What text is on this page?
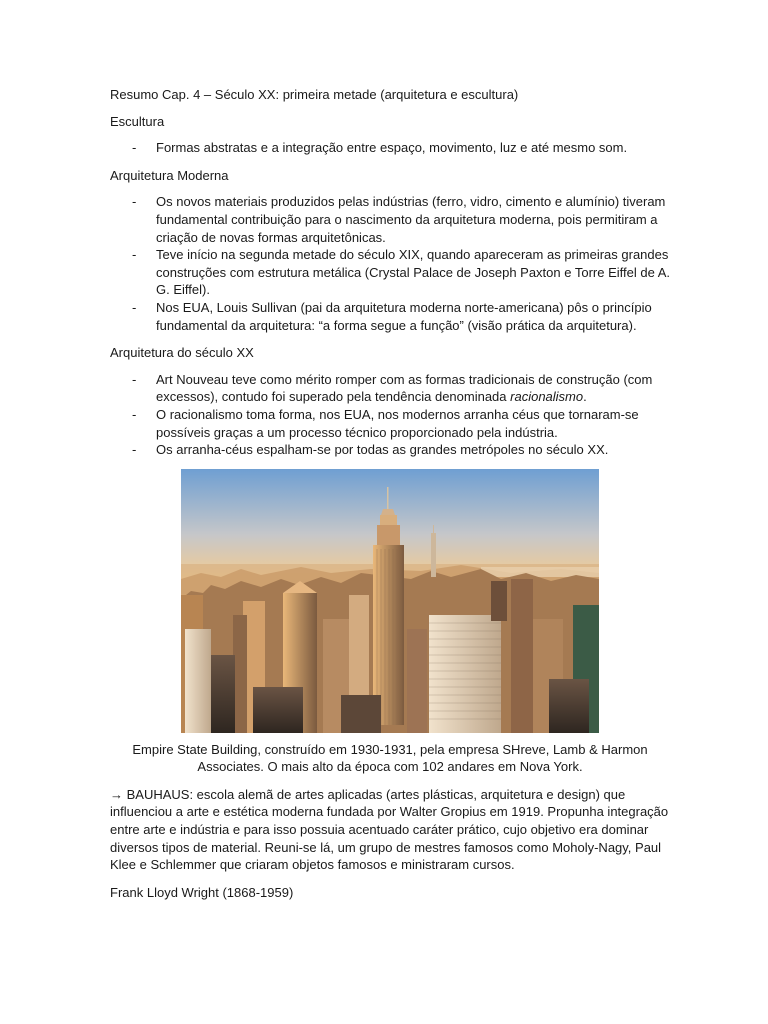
Resumo Cap. 4 – Século XX: primeira metade (arquitetura e escultura)

Escultura

- Formas abstratas e a integração entre espaço, movimento, luz e até mesmo som.

Arquitetura Moderna

- Os novos materiais produzidos pelas indústrias (ferro, vidro, cimento e alumínio) tiveram fundamental contribuição para o nascimento da arquitetura moderna, pois permitiram a criação de novas formas arquitetônicas.
- Teve início na segunda metade do século XIX, quando apareceram as primeiras grandes construções com estrutura metálica (Crystal Palace de Joseph Paxton e Torre Eiffel de A. G. Eiffel).
- Nos EUA, Louis Sullivan (pai da arquitetura moderna norte-americana) pôs o princípio fundamental da arquitetura: “a forma segue a função” (visão prática da arquitetura).

Arquitetura do século XX

- Art Nouveau teve como mérito romper com as formas tradicionais de construção (com excessos), contudo foi superado pela tendência denominada racionalismo.
- O racionalismo toma forma, nos EUA, nos modernos arranha céus que tornaram-se possíveis graças a um processo técnico proporcionado pela indústria.
- Os arranha-céus espalham-se por todas as grandes metrópoles no século XX.

Empire State Building, construído em 1930-1931, pela empresa SHreve, Lamb & Harmon Associates. O mais alto da época com 102 andares em Nova York.

→ BAUHAUS: escola alemã de artes aplicadas (artes plásticas, arquitetura e design) que influenciou a arte e estética moderna fundada por Walter Gropius em 1919. Propunha integração entre arte e indústria e para isso possuia acentuado caráter prático, cujo objetivo era dominar diversos tipos de material. Reuni-se lá, um grupo de mestres famosos como Moholy-Nagy, Paul Klee e Schlemmer que criaram objetos famosos e ministraram cursos.

Frank Lloyd Wright (1868-1959)
